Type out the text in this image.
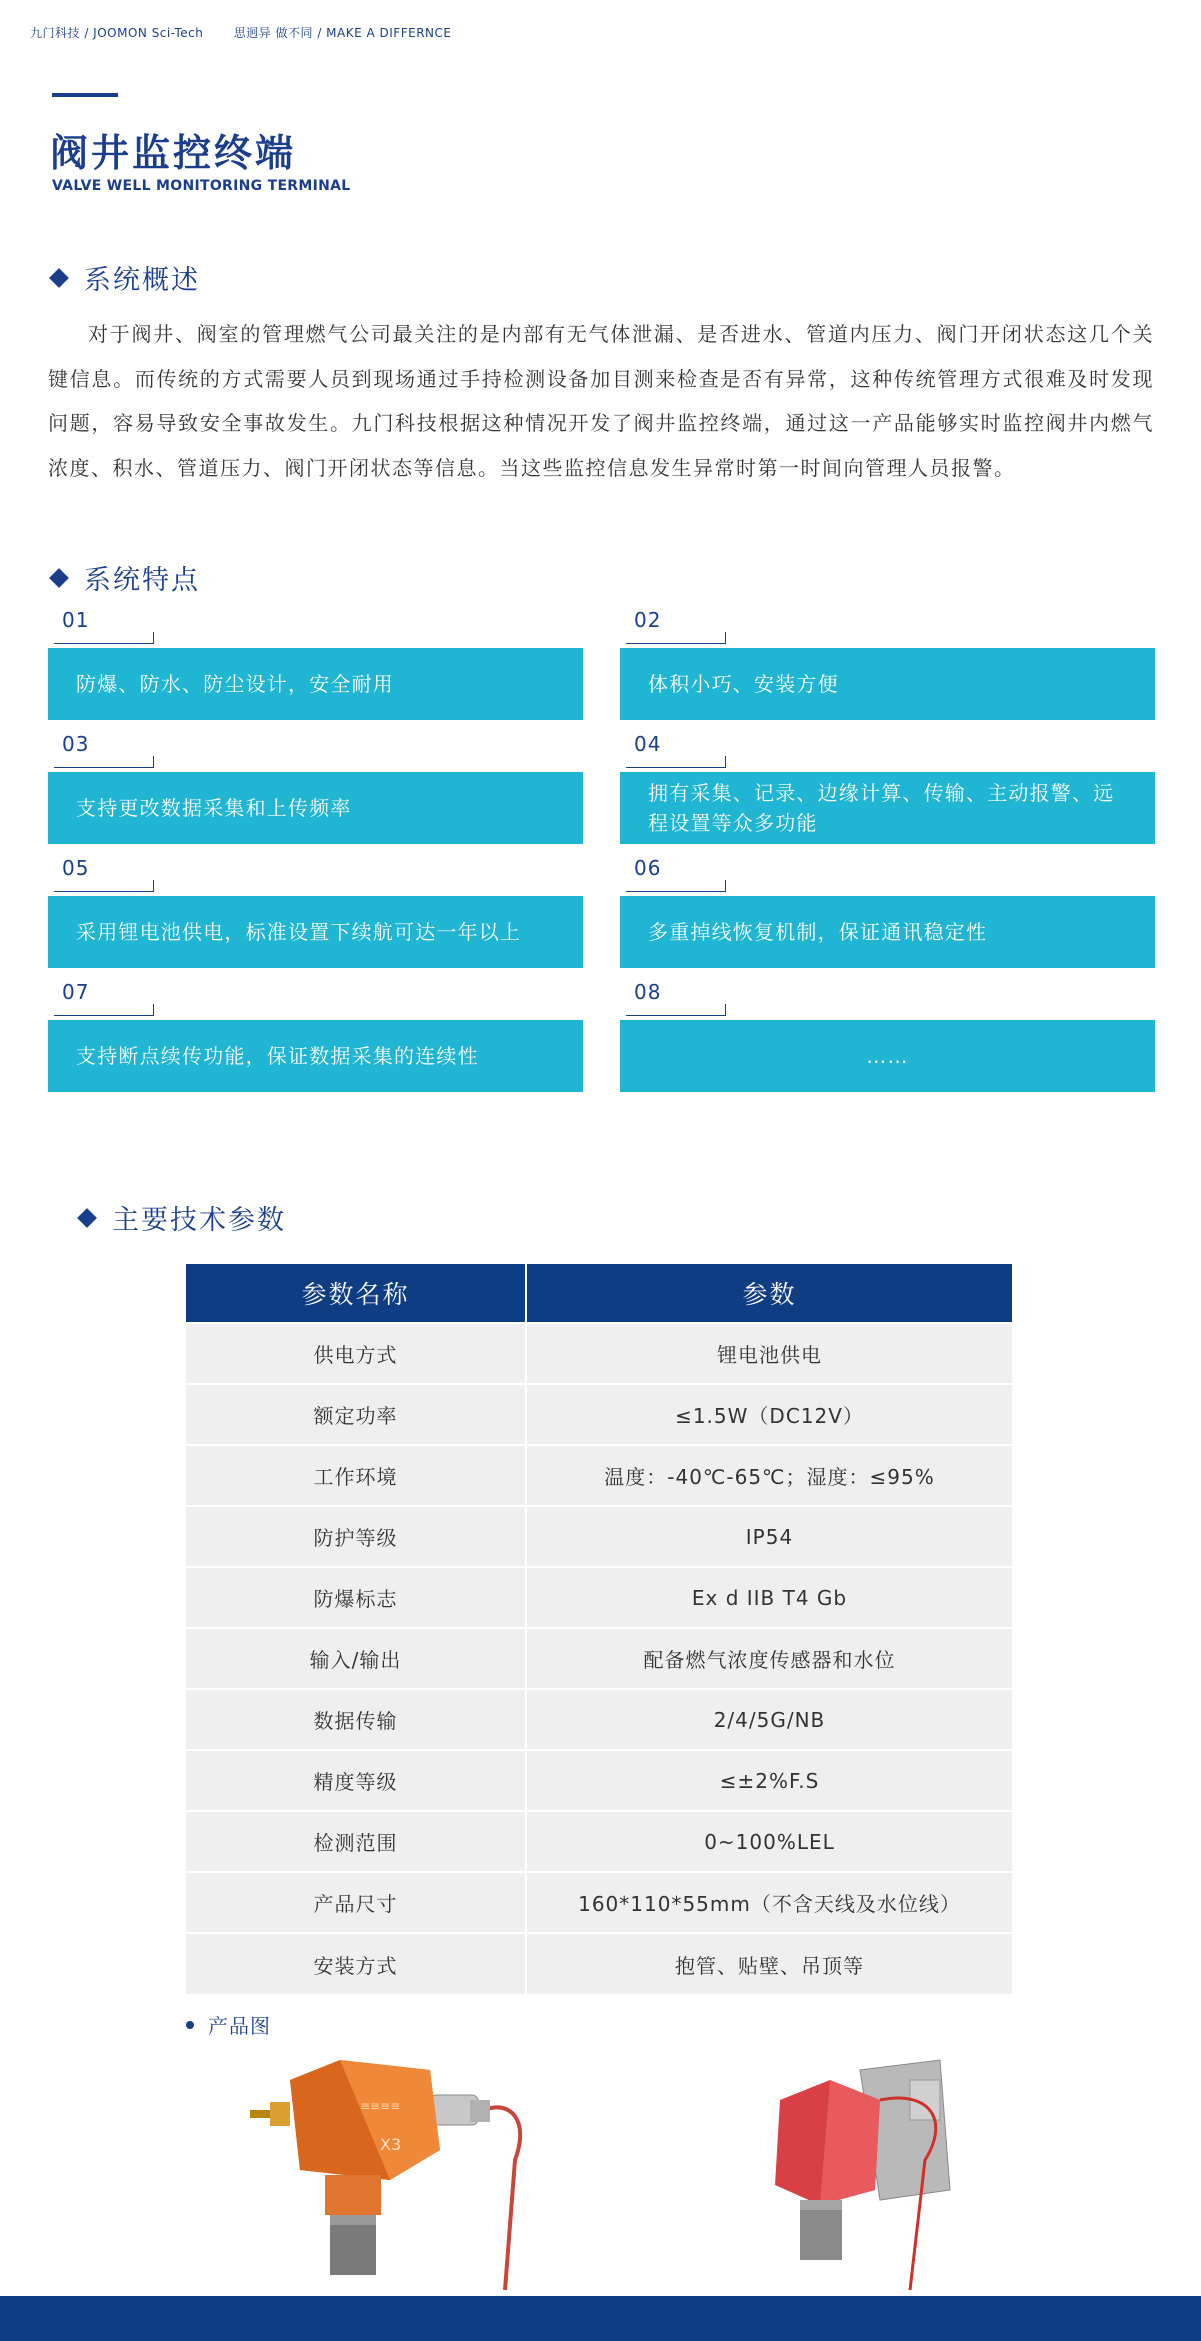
九门科技 / JOOMON Sci-Tech	思迥异 做不同 / MAKE A DIFFERNCE
阀井监控终端
VALVE WELL MONITORING TERMINAL
系统概述

对于阀井、阀室的管理燃气公司最关注的是内部有无气体泄漏、是否进水、管道内压力、阀门开闭状态这几个关键信息。而传统的方式需要人员到现场通过手持检测设备加目测来检查是否有异常，这种传统管理方式很难及时发现问题，容易导致安全事故发生。九门科技根据这种情况开发了阀井监控终端，通过这一产品能够实时监控阀井内燃气浓度、积水、管道压力、阀门开闭状态等信息。当这些监控信息发生异常时第一时间向管理人员报警。

系统特点
01
防爆、防水、防尘设计，安全耐用
02
体积小巧、安装方便
03
支持更改数据采集和上传频率
04
拥有采集、记录、边缘计算、传输、主动报警、远程设置等众多功能
05
采用锂电池供电，标准设置下续航可达一年以上
06
多重掉线恢复机制，保证通讯稳定性
07
支持断点续传功能，保证数据采集的连续性
08
……
主要技术参数
参数名称	参数
供电方式	锂电池供电
额定功率	≤1.5W（DC12V）
工作环境	温度：-40℃-65℃；湿度：≤95%
防护等级	IP54
防爆标志	Ex d IIB T4 Gb
输入/输出	配备燃气浓度传感器和水位
数据传输	2/4/5G/NB
精度等级	≤±2%F.S
检测范围	0~100%LEL
产品尺寸	160*110*55mm（不含天线及水位线）
安装方式	抱管、贴壁、吊顶等
产品图
≡≡≡≡
X3
